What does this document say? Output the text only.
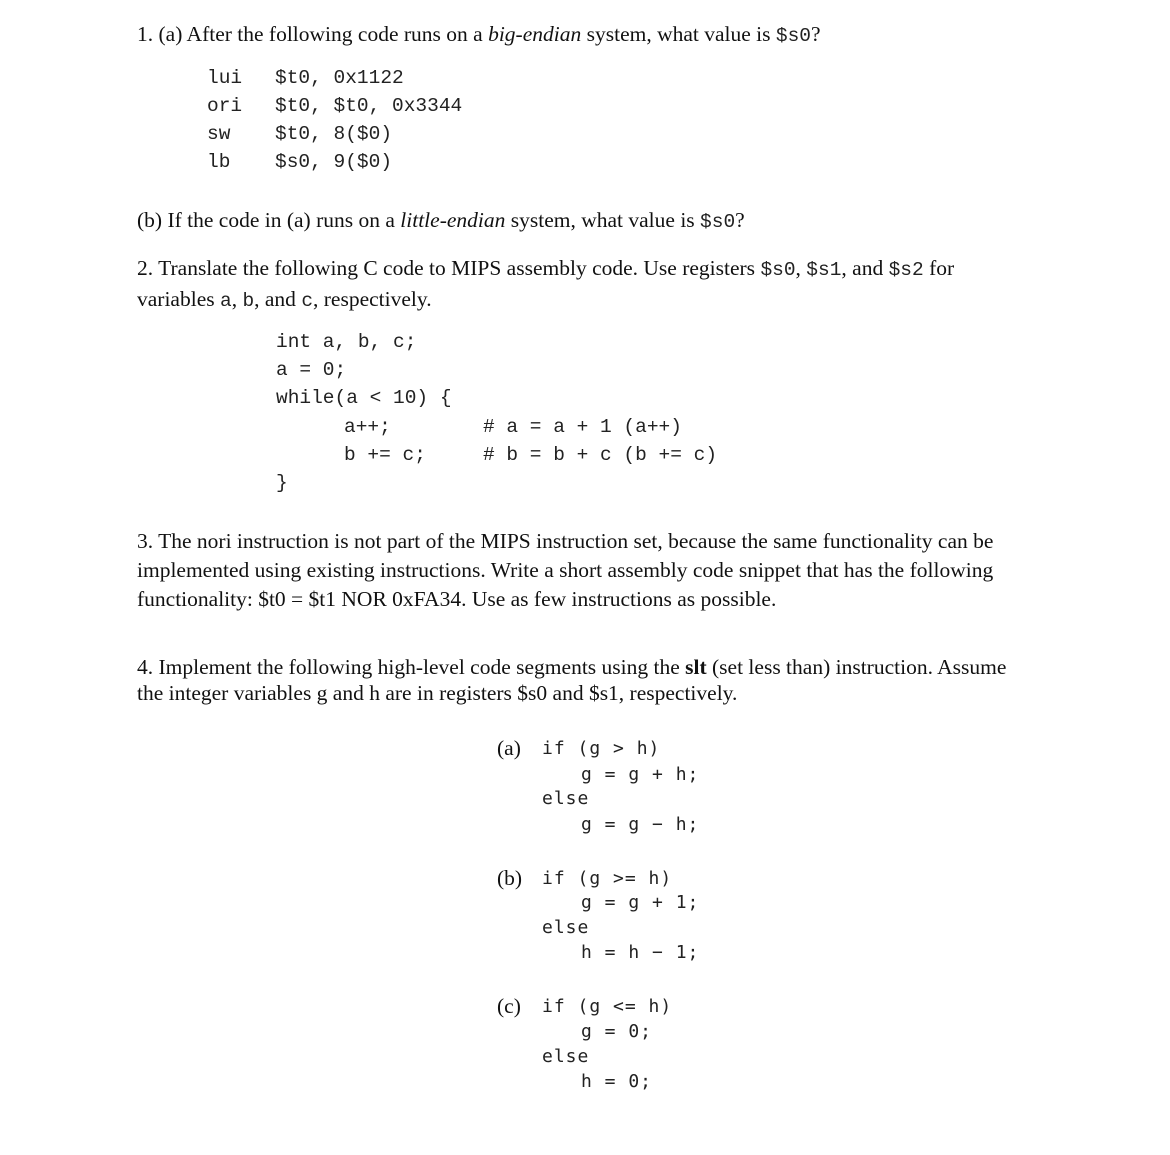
1. (a) After the following code runs on a big-endian system, what value is $s0?
lui $t0, 0x1122
ori $t0, $t0, 0x3344
sw $t0, 8($0)
lb $s0, 9($0)
(b) If the code in (a) runs on a little-endian system, what value is $s0?
2. Translate the following C code to MIPS assembly code. Use registers $s0, $s1, and $s2 for variables a, b, and c, respectively.
int a, b, c;
a = 0;
while(a < 10) {
a++;	# a = a + 1 (a++)
b += c;	# b = b + c (b += c)
}
3. The nori instruction is not part of the MIPS instruction set, because the same functionality can be implemented using existing instructions. Write a short assembly code snippet that has the following functionality: $t0 = $t1 NOR 0xFA34. Use as few instructions as possible.
4. Implement the following high-level code segments using the slt (set less than) instruction. Assume the integer variables g and h are in registers $s0 and $s1, respectively.
(a) if (g > h)
g = g + h;
else
g = g − h;
(b) if (g >= h)
g = g + 1;
else
h = h − 1;
(c) if (g <= h)
g = 0;
else
h = 0;
